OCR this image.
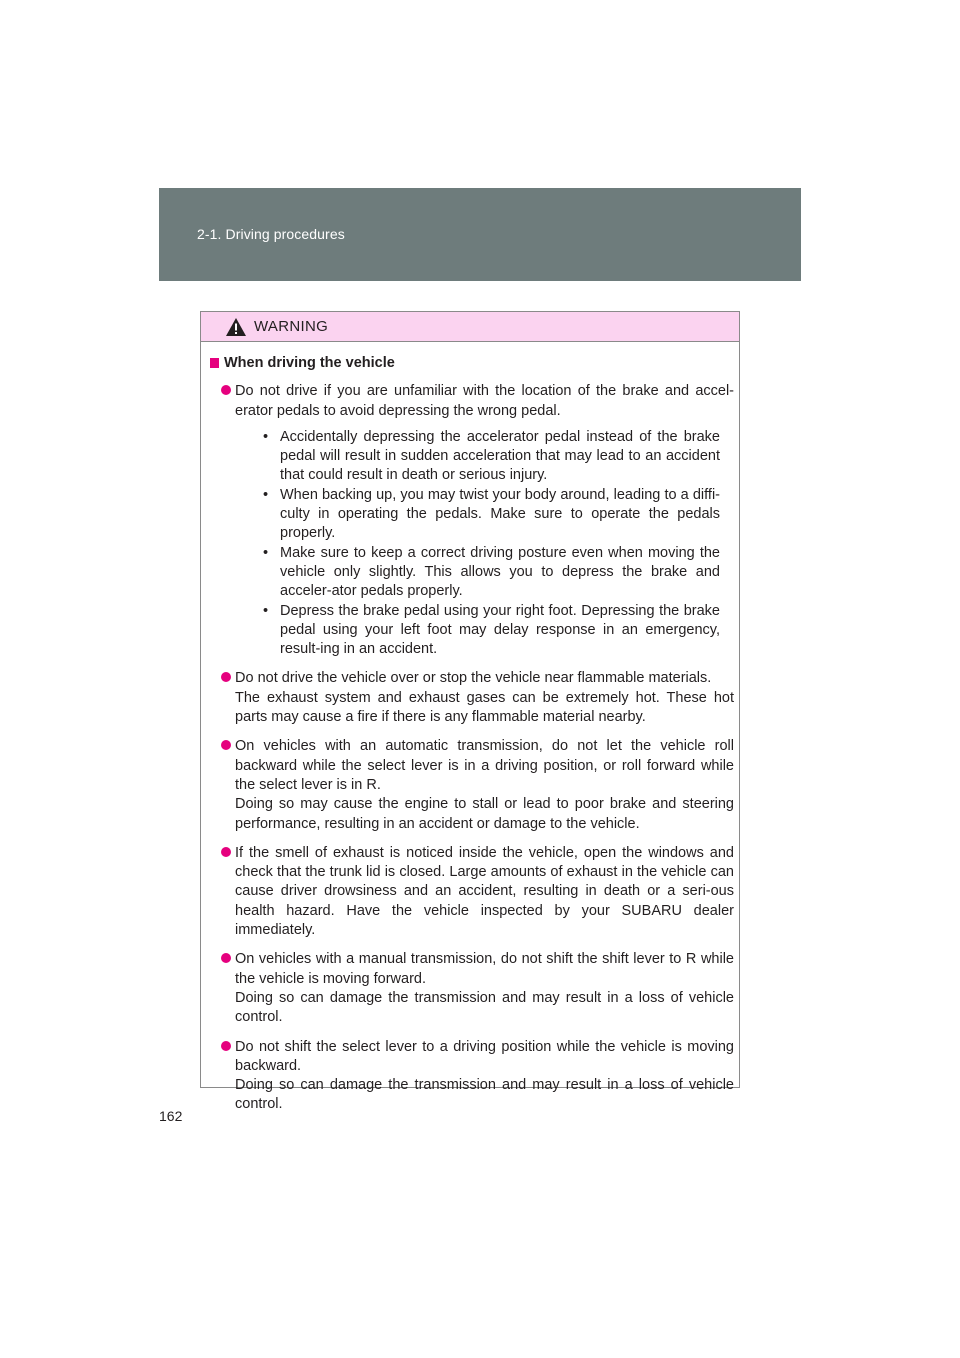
2-1. Driving procedures
WARNING
When driving the vehicle

Do not drive if you are unfamiliar with the location of the brake and accel-erator pedals to avoid depressing the wrong pedal.

• Accidentally depressing the accelerator pedal instead of the brake pedal will result in sudden acceleration that may lead to an accident that could result in death or serious injury.
• When backing up, you may twist your body around, leading to a diffi-culty in operating the pedals. Make sure to operate the pedals properly.
• Make sure to keep a correct driving posture even when moving the vehicle only slightly. This allows you to depress the brake and acceler-ator pedals properly.
• Depress the brake pedal using your right foot. Depressing the brake pedal using your left foot may delay response in an emergency, result-ing in an accident.

Do not drive the vehicle over or stop the vehicle near flammable materials.

The exhaust system and exhaust gases can be extremely hot. These hot parts may cause a fire if there is any flammable material nearby.

On vehicles with an automatic transmission, do not let the vehicle roll backward while the select lever is in a driving position, or roll forward while the select lever is in R.

Doing so may cause the engine to stall or lead to poor brake and steering performance, resulting in an accident or damage to the vehicle.

If the smell of exhaust is noticed inside the vehicle, open the windows and check that the trunk lid is closed. Large amounts of exhaust in the vehicle can cause driver drowsiness and an accident, resulting in death or a seri-ous health hazard. Have the vehicle inspected by your SUBARU dealer immediately.

On vehicles with a manual transmission, do not shift the shift lever to R while the vehicle is moving forward.

Doing so can damage the transmission and may result in a loss of vehicle control.

Do not shift the select lever to a driving position while the vehicle is moving backward.

Doing so can damage the transmission and may result in a loss of vehicle control.

162
